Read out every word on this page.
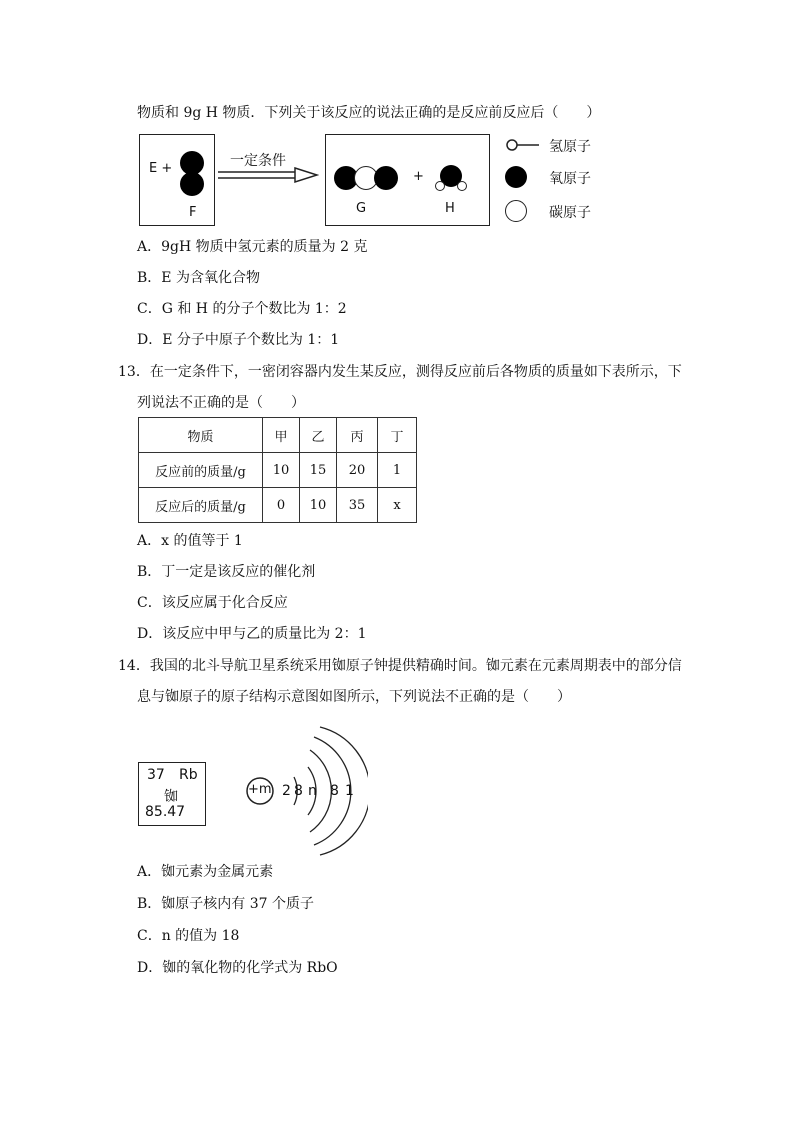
物质和 9g H 物质．下列关于该反应的说法正确的是反应前反应后（　　）
E +
F
一定条件
G
+
H
氢原子
氧原子
碳原子
A．9gH 物质中氢元素的质量为 2 克
B．E 为含氧化合物
C．G 和 H 的分子个数比为 1：2
D．E 分子中原子个数比为 1：1
13．在一定条件下，一密闭容器内发生某反应，测得反应前后各物质的质量如下表所示，下
列说法不正确的是（　　）
物质	甲	乙	丙	丁
反应前的质量/g	10	15	20	1
反应后的质量/g	0	10	35	x
A．x 的值等于 1
B．丁一定是该反应的催化剂
C．该反应属于化合反应
D．该反应中甲与乙的质量比为 2：1
14．我国的北斗导航卫星系统采用铷原子钟提供精确时间。铷元素在元素周期表中的部分信
息与铷原子的原子结构示意图如图所示，下列说法不正确的是（　　）
37 Rb
铷
85.47
+m 2 8 n 8 1
A．铷元素为金属元素
B．铷原子核内有 37 个质子
C．n 的值为 18
D．铷的氧化物的化学式为 RbO
